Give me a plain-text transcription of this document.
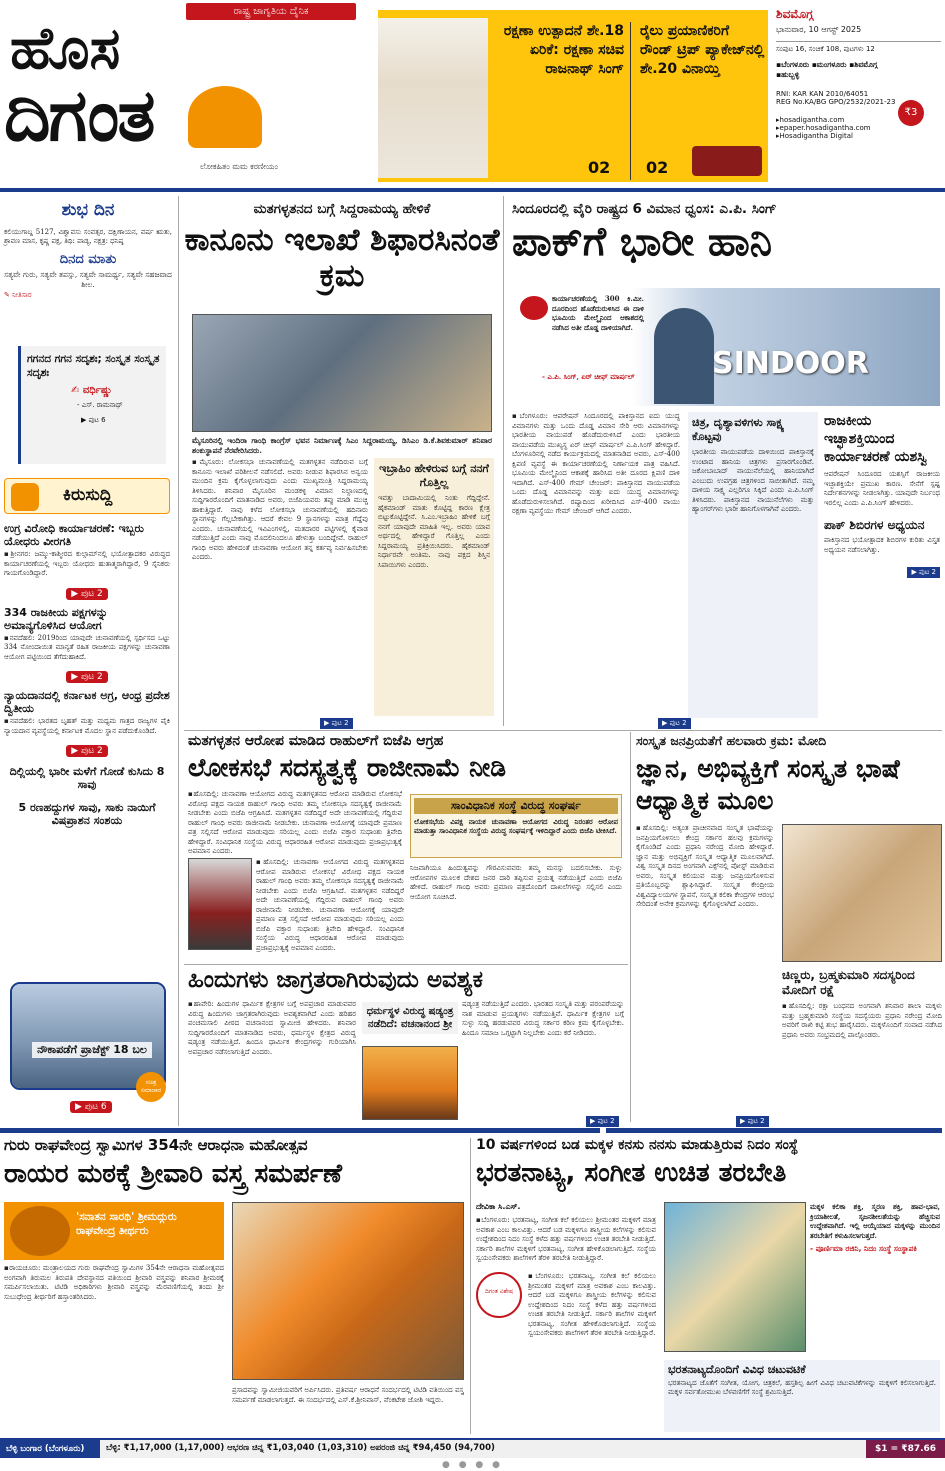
ರಾಷ್ಟ್ರ ಜಾಗೃತಿಯ ದೈನಿಕ
ಹೊಸ
ದಿಗಂತ
ಲೋಕಹಿತಂ ಮಮ ಕರಣೀಯಂ
ರಕ್ಷಣಾ ಉತ್ಪಾದನೆ ಶೇ.18 ಏರಿಕೆ: ರಕ್ಷಣಾ ಸಚಿವ ರಾಜನಾಥ್ ಸಿಂಗ್
02
ರೈಲು ಪ್ರಯಾಣಿಕರಿಗೆ ರೌಂಡ್ ಟ್ರಿಪ್ ಪ್ಯಾಕೇಜ್‌ನಲ್ಲಿ ಶೇ.20 ವಿನಾಯ್ತಿ
02
ಶಿವಮೊಗ್ಗ
ಭಾನುವಾರ, 10 ಆಗಸ್ಟ್ 2025
ಸಂಪುಟ 16, ಸಂಚಿಕೆ 108, ಪುಟಗಳು 12
▪ಬೆಂಗಳೂರು ▪ಮಂಗಳೂರು ▪ಶಿವಮೊಗ್ಗ ▪ಹುಬ್ಬಳ್ಳಿ
₹3
RNI: KAR KAN 2010/64051
REG No.KA/BG GPO/2532/2021-23
▸hosadigantha.com
▸epaper.hosadigantha.com
▸Hosadigantha Digital
ಶುಭ ದಿನ
ಕಲಿಯುಗಾಬ್ದ 5127, ವಿಶ್ವಾವಸು ಸಂವತ್ಸರ, ದಕ್ಷಿಣಾಯನ, ವರ್ಷ ಋತು, ಶ್ರಾವಣ ಮಾಸ, ಕೃಷ್ಣ ಪಕ್ಷ, ತಿಥಿ: ಪಾಡ್ಯ, ನಕ್ಷತ್ರ: ಧನಿಷ್ಠ
ದಿನದ ಮಾತು
ಸತ್ಯವೇ ಗುರು, ಸತ್ಯವೇ ತಪಸ್ಸು, ಸತ್ಯವೇ ಸಾಮರ್ಥ್ಯ, ಸತ್ಯವೇ ಸಹಜವಾದ ಶೀಲ.
✎ ನೀತಿಸಾರ
ಗಗನದ ಗಗನ ಸದೃಶಃ; ಸಂಸ್ಕೃತ ಸಂಸ್ಕೃತ ಸದೃಶಃ
✍ ವರ್ಧಿಷ್ಣು
- ಎಸ್. ರಾಮನಾಥ್
▶ ಪುಟ 6
ಕಿರುಸುದ್ದಿ
ಉಗ್ರ ವಿರೋಧಿ ಕಾರ್ಯಾಚರಣೆ: ಇಬ್ಬರು ಯೋಧರು ವೀರಗತಿ
▪ಶ್ರೀನಗರ: ಜಮ್ಮು-ಕಾಶ್ಮೀರದ ಕುಲ್ಗಾಮ್‌ನಲ್ಲಿ ಭಯೋತ್ಪಾದಕರ ವಿರುದ್ಧದ ಕಾರ್ಯಾಚರಣೆಯಲ್ಲಿ ಇಬ್ಬರು ಯೋಧರು ಹುತಾತ್ಮರಾಗಿದ್ದಾರೆ, 9 ಸೈನಿಕರು ಗಾಯಗೊಂಡಿದ್ದಾರೆ.
▶ ಪುಟ 2
334 ರಾಜಕೀಯ ಪಕ್ಷಗಳನ್ನು ಅಮಾನ್ಯಗೊಳಿಸಿದ ಆಯೋಗ
▪ನವದೆಹಲಿ: 2019ರಿಂದ ಯಾವುದೇ ಚುನಾವಣೆಯಲ್ಲಿ ಸ್ಪರ್ಧಿಸದ ಒಟ್ಟು 334 ನೋಂದಾಯಿತ ಮಾನ್ಯತೆ ರಹಿತ ರಾಜಕೀಯ ಪಕ್ಷಗಳನ್ನು ಚುನಾವಣಾ ಆಯೋಗ ಪಟ್ಟಿಯಿಂದ ತೆಗೆದುಹಾಕಿದೆ.
▶ ಪುಟ 2
ನ್ಯಾಯದಾನದಲ್ಲಿ ಕರ್ನಾಟಕ ಅಗ್ರ, ಆಂಧ್ರ ಪ್ರದೇಶ ದ್ವಿತೀಯ
▪ನವದೆಹಲಿ: ಭಾರತದ ಬೃಹತ್ ಮತ್ತು ಮಧ್ಯಮ ಗಾತ್ರದ ರಾಜ್ಯಗಳ ಪೈಕಿ ನ್ಯಾಯದಾನ ವ್ಯವಸ್ಥೆಯಲ್ಲಿ ಕರ್ನಾಟಕ ಮೊದಲ ಸ್ಥಾನ ಪಡೆದುಕೊಂಡಿದೆ.
▶ ಪುಟ 2
ದಿಲ್ಲಿಯಲ್ಲಿ ಭಾರೀ ಮಳೆಗೆ ಗೋಡೆ ಕುಸಿದು 8 ಸಾವು
5 ರಣಹದ್ದುಗಳ ಸಾವು, ಸಾಕು ನಾಯಿಗೆ ವಿಷಪ್ರಾಶನ ಸಂಶಯ
ನೌಕಾಪಡೆಗೆ ಪ್ರಾಜೆಕ್ಟ್ 18 ಬಲ
ಸಚಿತ್ರ ಸಮಾಚಾರ
▶ ಪುಟ 6
ಮತಗಳ್ಳತನದ ಬಗ್ಗೆ ಸಿದ್ದರಾಮಯ್ಯ ಹೇಳಿಕೆ
ಕಾನೂನು ಇಲಾಖೆ ಶಿಫಾರಸಿನಂತೆ ಕ್ರಮ
ಮೈಸೂರಿನಲ್ಲಿ ಇಂದಿರಾ ಗಾಂಧಿ ಕಾಂಗ್ರೆಸ್ ಭವನ ನಿರ್ಮಾಣಕ್ಕೆ ಸಿಎಂ ಸಿದ್ದರಾಮಯ್ಯ, ಡಿಸಿಎಂ ಡಿ.ಕೆ.ಶಿವಕುಮಾರ್ ಶನಿವಾರ ಶಂಕುಸ್ಥಾಪನೆ ನೆರವೇರಿಸಿದರು.
▪ಮೈಸೂರು: ಲೋಕಸಭಾ ಚುನಾವಣೆಯಲ್ಲಿ ಮತಗಳ್ಳತನ ನಡೆದಿರುವ ಬಗ್ಗೆ ಕಾನೂನು ಇಲಾಖೆ ಪರಿಶೀಲನೆ ನಡೆಸಲಿದೆ. ಅವರು ನೀಡುವ ಶಿಫಾರಸಿನ ಅನ್ವಯ ಮುಂದಿನ ಕ್ರಮ ಕೈಗೊಳ್ಳಲಾಗುವುದು ಎಂದು ಮುಖ್ಯಮಂತ್ರಿ ಸಿದ್ದರಾಮಯ್ಯ ತಿಳಿಸಿದರು. ಶನಿವಾರ ಮೈಸೂರಿನ ಮಂಡಕಳ್ಳಿ ವಿಮಾನ ನಿಲ್ದಾಣದಲ್ಲಿ ಸುದ್ದಿಗಾರರೊಂದಿಗೆ ಮಾತನಾಡಿದ ಅವರು, ಬಿಜೆಪಿಯವರು ತಪ್ಪು ಮಾಡಿ ಮುಚ್ಚಿ ಹಾಕುತ್ತಿದ್ದಾರೆ. ನಾವು ಕಳೆದ ಲೋಕಸಭಾ ಚುನಾವಣೆಯಲ್ಲಿ ಹದಿನಾರು ಸ್ಥಾನಗಳನ್ನು ಗೆಲ್ಲಬೇಕಾಗಿತ್ತು. ಆದರೆ ಕೇವಲ 9 ಸ್ಥಾನಗಳನ್ನು ಮಾತ್ರ ಗೆದ್ದೆವು ಎಂದರು. ಚುನಾವಣೆಯಲ್ಲಿ ಇವಿಎಂಗಳಲ್ಲಿ, ಮತದಾರರ ಪಟ್ಟಿಗಳಲ್ಲಿ ಕೈವಾಡ ನಡೆಯುತ್ತಿದೆ ಎಂದು ನಾವು ಮೊದಲಿನಿಂದಲೂ ಹೇಳುತ್ತಾ ಬಂದಿದ್ದೇವೆ. ರಾಹುಲ್ ಗಾಂಧಿ ಅವರು ಹೇಳಿದಂತೆ ಚುನಾವಣಾ ಆಯೋಗ ತನ್ನ ಕರ್ತವ್ಯ ನಿರ್ವಹಿಸಬೇಕು ಎಂದರು.
▶ ಪುಟ 2
ಇಬ್ರಾಹಿಂ ಹೇಳಿರುವ ಬಗ್ಗೆ ನನಗೆ ಗೊತ್ತಿಲ್ಲ
ಇವತ್ತು ಬಾದಾಮಿಯಲ್ಲಿ ನಿಂತು ಗೆದ್ದಿದ್ದೇನೆ. ಹೈಕಮಾಂಡ್ ಮಾತು ಕೊಟ್ಟಿದ್ದ ಕಾರಣ ಕ್ಷೇತ್ರ ಬಿಟ್ಟುಕೊಟ್ಟಿದ್ದೇನೆ. ಸಿ.ಎಂ.ಇಬ್ರಾಹಿಂ ಹೇಳಿಕೆ ಬಗ್ಗೆ ನನಗೆ ಯಾವುದೇ ಮಾಹಿತಿ ಇಲ್ಲ. ಅವರು ಯಾವ ಅರ್ಥದಲ್ಲಿ ಹೇಳಿದ್ದಾರೆ ಗೊತ್ತಿಲ್ಲ ಎಂದು ಸಿದ್ದರಾಮಯ್ಯ ಪ್ರತಿಕ್ರಿಯಿಸಿದರು. ಹೈಕಮಾಂಡ್ ನಿರ್ಧಾರವೇ ಅಂತಿಮ. ನಾವು ಪಕ್ಷದ ಶಿಸ್ತಿನ ಸಿಪಾಯಿಗಳು ಎಂದರು.
ಸಿಂದೂರದಲ್ಲಿ ವೈರಿ ರಾಷ್ಟ್ರದ 6 ವಿಮಾನ ಧ್ವಂಸ: ಎ.ಪಿ. ಸಿಂಗ್
ಪಾಕ್‌ಗೆ ಭಾರೀ ಹಾನಿ
ಕಾರ್ಯಾಚರಣೆಯಲ್ಲಿ 300 ಕಿ.ಮೀ. ದೂರದಿಂದ ಹೊಡೆದುರುಳಿಸಿದ ಈ ದಾಳಿ ಭೂಮಿಯ ಮೇಲ್ಮೈನಿಂದ ಆಕಾಶದಲ್ಲಿ ನಡೆಸಿದ ಅತೀ ದೊಡ್ಡ ದಾಳಿಯಾಗಿದೆ.
- ಎ.ಪಿ. ಸಿಂಗ್, ಏರ್ ಚೀಫ್ ಮಾರ್ಷಲ್	SINDOOR
▪ಬೆಂಗಳೂರು: ಆಪರೇಷನ್ ಸಿಂದೂರದಲ್ಲಿ ಪಾಕಿಸ್ತಾನದ ಐದು ಯುದ್ಧ ವಿಮಾನಗಳು ಮತ್ತು ಒಂದು ದೊಡ್ಡ ವಿಮಾನ ಸೇರಿ ಆರು ವಿಮಾನಗಳನ್ನು ಭಾರತೀಯ ವಾಯುಪಡೆ ಹೊಡೆದುರುಳಿಸಿದೆ ಎಂದು ಭಾರತೀಯ ವಾಯುಪಡೆಯ ಮುಖ್ಯಸ್ಥ ಏರ್ ಚೀಫ್ ಮಾರ್ಷಲ್ ಎ.ಪಿ.ಸಿಂಗ್ ಹೇಳಿದ್ದಾರೆ. ಬೆಂಗಳೂರಿನಲ್ಲಿ ನಡೆದ ಕಾರ್ಯಕ್ರಮದಲ್ಲಿ ಮಾತನಾಡಿದ ಅವರು, ಎಸ್-400 ಕ್ಷಿಪಣಿ ವ್ಯವಸ್ಥೆ ಈ ಕಾರ್ಯಾಚರಣೆಯಲ್ಲಿ ನಿರ್ಣಾಯಕ ಪಾತ್ರ ವಹಿಸಿದೆ. ಭೂಮಿಯ ಮೇಲ್ಮೈನಿಂದ ಆಕಾಶಕ್ಕೆ ಹಾರಿಸಿದ ಅತೀ ದೂರದ ಕ್ಷಿಪಣಿ ದಾಳಿ ಇದಾಗಿದೆ. ಎಸ್-400 ಗೇಮ್ ಚೇಂಜರ್: ಪಾಕಿಸ್ತಾನದ ವಾಯುಪಡೆಯ ಒಂದು ದೊಡ್ಡ ವಿಮಾನವನ್ನು ಮತ್ತು ಐದು ಯುದ್ಧ ವಿಮಾನಗಳನ್ನು ಹೊಡೆದುರುಳಿಸಲಾಗಿದೆ. ರಷ್ಯಾದಿಂದ ಖರೀದಿಸಿದ ಎಸ್-400 ವಾಯು ರಕ್ಷಣಾ ವ್ಯವಸ್ಥೆಯು ಗೇಮ್ ಚೇಂಜರ್ ಆಗಿದೆ ಎಂದರು.
▶ ಪುಟ 2
ಚಿತ್ರ, ದೃಶ್ಯಾವಳಿಗಳು ಸಾಕ್ಷ್ಯ ಕೊಟ್ಟವು
ಭಾರತೀಯ ವಾಯುಪಡೆಯ ದಾಳಿಯಿಂದ ಪಾಕಿಸ್ತಾನಕ್ಕೆ ಉಂಟಾದ ಹಾನಿಯ ಚಿತ್ರಗಳು ಪ್ರಸಾರಗೊಂಡಿವೆ. ಜಕೋಬಾಬಾದ್ ವಾಯುನೆಲೆಯಲ್ಲಿ ಹಾನಿಯಾಗಿದೆ ಎಂಬುದು ಉಪಗ್ರಹ ಚಿತ್ರಗಳಿಂದ ಸಾಬೀತಾಗಿದೆ. ನಮ್ಮ ದಾಳಿಯ ಸಾಕ್ಷ್ಯ ಎಲ್ಲರಿಗೂ ಸಿಕ್ಕಿದೆ ಎಂದು ಎ.ಪಿ.ಸಿಂಗ್ ತಿಳಿಸಿದರು. ಪಾಕಿಸ್ತಾನದ ವಾಯುನೆಲೆಗಳು ಮತ್ತು ಹ್ಯಾಂಗರ್‌ಗಳು ಭಾರೀ ಹಾನಿಗೊಳಗಾಗಿವೆ ಎಂದರು.
ರಾಜಕೀಯ ಇಚ್ಛಾಶಕ್ತಿಯಿಂದ ಕಾರ್ಯಾಚರಣೆ ಯಶಸ್ವಿ
ಆಪರೇಷನ್ ಸಿಂದೂರದ ಯಶಸ್ಸಿಗೆ ರಾಜಕೀಯ ಇಚ್ಛಾಶಕ್ತಿಯೇ ಪ್ರಮುಖ ಕಾರಣ. ಸೇನೆಗೆ ಸ್ಪಷ್ಟ ನಿರ್ದೇಶನಗಳನ್ನು ನೀಡಲಾಗಿತ್ತು. ಯಾವುದೇ ನಿರ್ಬಂಧ ಇರಲಿಲ್ಲ ಎಂದು ಎ.ಪಿ.ಸಿಂಗ್ ಹೇಳಿದರು.
ಪಾಕ್ ಶಿಬಿರಗಳ ಅಧ್ಯಯನ
ಪಾಕಿಸ್ತಾನದ ಭಯೋತ್ಪಾದಕ ಶಿಬಿರಗಳ ಕುರಿತು ವಿಸ್ತೃತ ಅಧ್ಯಯನ ನಡೆಸಲಾಗಿತ್ತು.
▶ ಪುಟ 2
ಮತಗಳ್ಳತನ ಆರೋಪ ಮಾಡಿದ ರಾಹುಲ್‌ಗೆ ಬಿಜೆಪಿ ಆಗ್ರಹ
ಲೋಕಸಭೆ ಸದಸ್ಯತ್ವಕ್ಕೆ ರಾಜೀನಾಮೆ ನೀಡಿ
▪ಹೊಸದಿಲ್ಲಿ: ಚುನಾವಣಾ ಆಯೋಗದ ವಿರುದ್ಧ ಮತಗಳ್ಳತನದ ಆರೋಪ ಮಾಡಿರುವ ಲೋಕಸಭೆ ವಿರೋಧ ಪಕ್ಷದ ನಾಯಕ ರಾಹುಲ್ ಗಾಂಧಿ ಅವರು ತಮ್ಮ ಲೋಕಸಭಾ ಸದಸ್ಯತ್ವಕ್ಕೆ ರಾಜೀನಾಮೆ ನೀಡಬೇಕು ಎಂದು ಬಿಜೆಪಿ ಆಗ್ರಹಿಸಿದೆ. ಮತಗಳ್ಳತನ ನಡೆದಿದ್ದರೆ ಅದೇ ಚುನಾವಣೆಯಲ್ಲಿ ಗೆದ್ದಿರುವ ರಾಹುಲ್ ಗಾಂಧಿ ಅವರು ರಾಜೀನಾಮೆ ನೀಡಬೇಕು. ಚುನಾವಣಾ ಆಯೋಗಕ್ಕೆ ಯಾವುದೇ ಪ್ರಮಾಣ ಪತ್ರ ಸಲ್ಲಿಸದೆ ಆರೋಪ ಮಾಡುವುದು ಸರಿಯಲ್ಲ ಎಂದು ಬಿಜೆಪಿ ವಕ್ತಾರ ಸುಧಾಂಶು ತ್ರಿವೇದಿ ಹೇಳಿದ್ದಾರೆ. ಸಂವಿಧಾನಿಕ ಸಂಸ್ಥೆಯ ವಿರುದ್ಧ ಆಧಾರರಹಿತ ಆರೋಪ ಮಾಡುವುದು ಪ್ರಜಾಪ್ರಭುತ್ವಕ್ಕೆ ಅಪಮಾನ ಎಂದರು.
▪ಹೊಸದಿಲ್ಲಿ: ಚುನಾವಣಾ ಆಯೋಗದ ವಿರುದ್ಧ ಮತಗಳ್ಳತನದ ಆರೋಪ ಮಾಡಿರುವ ಲೋಕಸಭೆ ವಿರೋಧ ಪಕ್ಷದ ನಾಯಕ ರಾಹುಲ್ ಗಾಂಧಿ ಅವರು ತಮ್ಮ ಲೋಕಸಭಾ ಸದಸ್ಯತ್ವಕ್ಕೆ ರಾಜೀನಾಮೆ ನೀಡಬೇಕು ಎಂದು ಬಿಜೆಪಿ ಆಗ್ರಹಿಸಿದೆ. ಮತಗಳ್ಳತನ ನಡೆದಿದ್ದರೆ ಅದೇ ಚುನಾವಣೆಯಲ್ಲಿ ಗೆದ್ದಿರುವ ರಾಹುಲ್ ಗಾಂಧಿ ಅವರು ರಾಜೀನಾಮೆ ನೀಡಬೇಕು. ಚುನಾವಣಾ ಆಯೋಗಕ್ಕೆ ಯಾವುದೇ ಪ್ರಮಾಣ ಪತ್ರ ಸಲ್ಲಿಸದೆ ಆರೋಪ ಮಾಡುವುದು ಸರಿಯಲ್ಲ ಎಂದು ಬಿಜೆಪಿ ವಕ್ತಾರ ಸುಧಾಂಶು ತ್ರಿವೇದಿ ಹೇಳಿದ್ದಾರೆ. ಸಂವಿಧಾನಿಕ ಸಂಸ್ಥೆಯ ವಿರುದ್ಧ ಆಧಾರರಹಿತ ಆರೋಪ ಮಾಡುವುದು ಪ್ರಜಾಪ್ರಭುತ್ವಕ್ಕೆ ಅಪಮಾನ ಎಂದರು.
ಸಾಂವಿಧಾನಿಕ ಸಂಸ್ಥೆ ವಿರುದ್ಧ ಸಂಘರ್ಷ
ಲೋಕಸಭೆಯ ವಿಪಕ್ಷ ನಾಯಕ ಚುನಾವಣಾ ಆಯೋಗದ ವಿರುದ್ಧ ನಿರಂತರ ಆರೋಪ ಮಾಡುತ್ತಾ ಸಾಂವಿಧಾನಿಕ ಸಂಸ್ಥೆಯ ವಿರುದ್ಧ ಸಂಘರ್ಷಕ್ಕೆ ಇಳಿದಿದ್ದಾರೆ ಎಂದು ಬಿಜೆಪಿ ಟೀಕಿಸಿದೆ.
ನಿಜವಾಗಿಯೂ ಹಿಂದುತ್ವವನ್ನು ಗೌರವಿಸುವವರು ತಮ್ಮ ಮನಸ್ಸು ಬದಲಿಸಬೇಕು. ಸುಳ್ಳು ಆರೋಪಗಳ ಮೂಲಕ ದೇಶದ ಜನರ ದಾರಿ ತಪ್ಪಿಸುವ ಪ್ರಯತ್ನ ನಡೆಯುತ್ತಿದೆ ಎಂದು ಬಿಜೆಪಿ ಹೇಳಿದೆ. ರಾಹುಲ್ ಗಾಂಧಿ ಅವರು ಪ್ರಮಾಣ ಪತ್ರದೊಂದಿಗೆ ದಾಖಲೆಗಳನ್ನು ಸಲ್ಲಿಸಲಿ ಎಂದು ಆಯೋಗ ಸೂಚಿಸಿದೆ.
ಸಂಸ್ಕೃತ ಜನಪ್ರಿಯತೆಗೆ ಹಲವಾರು ಕ್ರಮ: ಮೋದಿ
ಜ್ಞಾನ, ಅಭಿವ್ಯಕ್ತಿಗೆ ಸಂಸ್ಕೃತ ಭಾಷೆ ಆಧ್ಯಾತ್ಮಿಕ ಮೂಲ
▪ಹೊಸದಿಲ್ಲಿ: ಅತ್ಯಂತ ಪ್ರಾಚೀನವಾದ ಸಂಸ್ಕೃತ ಭಾಷೆಯನ್ನು ಜನಪ್ರಿಯಗೊಳಿಸಲು ಕೇಂದ್ರ ಸರ್ಕಾರ ಹಲವು ಕ್ರಮಗಳನ್ನು ಕೈಗೊಂಡಿದೆ ಎಂದು ಪ್ರಧಾನಿ ನರೇಂದ್ರ ಮೋದಿ ಹೇಳಿದ್ದಾರೆ. ಜ್ಞಾನ ಮತ್ತು ಅಭಿವ್ಯಕ್ತಿಗೆ ಸಂಸ್ಕೃತ ಆಧ್ಯಾತ್ಮಿಕ ಮೂಲವಾಗಿದೆ. ವಿಶ್ವ ಸಂಸ್ಕೃತ ದಿನದ ಅಂಗವಾಗಿ ಎಕ್ಸ್‌ನಲ್ಲಿ ಪೋಸ್ಟ್ ಮಾಡಿರುವ ಅವರು, ಸಂಸ್ಕೃತ ಕಲಿಯುವ ಮತ್ತು ಜನಪ್ರಿಯಗೊಳಿಸುವ ಪ್ರತಿಯೊಬ್ಬರನ್ನು ಶ್ಲಾಘಿಸಿದ್ದಾರೆ. ಸಂಸ್ಕೃತ ಕೇಂದ್ರೀಯ ವಿಶ್ವವಿದ್ಯಾಲಯಗಳ ಸ್ಥಾಪನೆ, ಸಂಸ್ಕೃತ ಕಲಿಕಾ ಕೇಂದ್ರಗಳ ಆರಂಭ ಸೇರಿದಂತೆ ಅನೇಕ ಕ್ರಮಗಳನ್ನು ಕೈಗೊಳ್ಳಲಾಗಿದೆ ಎಂದರು.
ಚಿಣ್ಣರು, ಬ್ರಹ್ಮಕುಮಾರಿ ಸದಸ್ಯರಿಂದ ಮೋದಿಗೆ ರಕ್ಷೆ
▪ಹೊಸದಿಲ್ಲಿ: ರಕ್ಷಾ ಬಂಧನದ ಅಂಗವಾಗಿ ಶನಿವಾರ ಶಾಲಾ ಮಕ್ಕಳು ಮತ್ತು ಬ್ರಹ್ಮಕುಮಾರಿ ಸಂಸ್ಥೆಯ ಸದಸ್ಯೆಯರು ಪ್ರಧಾನಿ ನರೇಂದ್ರ ಮೋದಿ ಅವರಿಗೆ ರಾಖಿ ಕಟ್ಟಿ ಶುಭ ಹಾರೈಸಿದರು. ಮಕ್ಕಳೊಂದಿಗೆ ಸಂವಾದ ನಡೆಸಿದ ಪ್ರಧಾನಿ ಅವರು ಸಂಭ್ರಮದಲ್ಲಿ ಪಾಲ್ಗೊಂಡರು.
▶ ಪುಟ 2
ಹಿಂದುಗಳು ಜಾಗ್ರತರಾಗಿರುವುದು ಅವಶ್ಯಕ
▪ಹಾವೇರಿ: ಹಿಂದುಗಳ ಧಾರ್ಮಿಕ ಕ್ಷೇತ್ರಗಳ ಬಗ್ಗೆ ಅಪಪ್ರಚಾರ ಮಾಡುವವರ ವಿರುದ್ಧ ಹಿಂದುಗಳು ಜಾಗ್ರತರಾಗಿರುವುದು ಅವಶ್ಯಕವಾಗಿದೆ ಎಂದು ಹರಿಹರ ಪಂಚಮಸಾಲಿ ಪೀಠದ ವಚನಾನಂದ ಸ್ವಾಮೀಜಿ ಹೇಳಿದರು. ಶನಿವಾರ ಸುದ್ದಿಗಾರರೊಂದಿಗೆ ಮಾತನಾಡಿದ ಅವರು, ಧರ್ಮಸ್ಥಳ ಕ್ಷೇತ್ರದ ವಿರುದ್ಧ ಷಡ್ಯಂತ್ರ ನಡೆಯುತ್ತಿದೆ. ಹಿಂದೂ ಧಾರ್ಮಿಕ ಕೇಂದ್ರಗಳನ್ನು ಗುರಿಯಾಗಿಸಿ ಅಪಪ್ರಚಾರ ನಡೆಸಲಾಗುತ್ತಿದೆ ಎಂದರು.
ಧರ್ಮಸ್ಥಳ ವಿರುದ್ಧ ಷಡ್ಯಂತ್ರ ನಡೆದಿದೆ: ವಚನಾನಂದ ಶ್ರೀ
ಷಡ್ಯಂತ್ರ ನಡೆಯುತ್ತಿದೆ ಎಂದರು. ಭಾರತದ ಸಂಸ್ಕೃತಿ ಮತ್ತು ಪರಂಪರೆಯನ್ನು ನಾಶ ಮಾಡುವ ಪ್ರಯತ್ನಗಳು ನಡೆಯುತ್ತಿವೆ. ಧಾರ್ಮಿಕ ಕ್ಷೇತ್ರಗಳ ಬಗ್ಗೆ ಸುಳ್ಳು ಸುದ್ದಿ ಹರಡುವವರ ವಿರುದ್ಧ ಸರ್ಕಾರ ಕಠಿಣ ಕ್ರಮ ಕೈಗೊಳ್ಳಬೇಕು. ಹಿಂದೂ ಸಮಾಜ ಒಗ್ಗಟ್ಟಾಗಿ ನಿಲ್ಲಬೇಕು ಎಂದು ಕರೆ ನೀಡಿದರು.
▶ ಪುಟ 2
ಗುರು ರಾಘವೇಂದ್ರ ಸ್ವಾಮಿಗಳ 354ನೇ ಆರಾಧನಾ ಮಹೋತ್ಸವ
ರಾಯರ ಮಠಕ್ಕೆ ಶ್ರೀವಾರಿ ವಸ್ತ್ರ ಸಮರ್ಪಣೆ
'ಸನಾತನ ಸಾರಥಿ' ಶ್ರೀಮದ್ಗುರು ರಾಘವೇಂದ್ರ ತೀರ್ಥರು
▪ರಾಯಚೂರು: ಮಂತ್ರಾಲಯದ ಗುರು ರಾಘವೇಂದ್ರ ಸ್ವಾಮಿಗಳ 354ನೇ ಆರಾಧನಾ ಮಹೋತ್ಸವದ ಅಂಗವಾಗಿ ತಿರುಮಲ ತಿರುಪತಿ ದೇವಸ್ಥಾನದ ವತಿಯಿಂದ ಶ್ರೀವಾರಿ ವಸ್ತ್ರವನ್ನು ಶನಿವಾರ ಶ್ರೀಮಠಕ್ಕೆ ಸಮರ್ಪಿಸಲಾಯಿತು. ಟಿಟಿಡಿ ಅಧಿಕಾರಿಗಳು ಶ್ರೀವಾರಿ ವಸ್ತ್ರವನ್ನು ಮೆರವಣಿಗೆಯಲ್ಲಿ ತಂದು ಶ್ರೀ ಸುಬುಧೇಂದ್ರ ತೀರ್ಥರಿಗೆ ಹಸ್ತಾಂತರಿಸಿದರು.
ಪ್ರಸಾದವನ್ನು ಸ್ವಾಮೀಜಿಯವರಿಗೆ ಅರ್ಪಿಸಿದರು. ಪ್ರತಿವರ್ಷ ಆರಾಧನೆ ಸಂದರ್ಭದಲ್ಲಿ ಟಿಟಿಡಿ ವತಿಯಿಂದ ವಸ್ತ್ರ ಸಮರ್ಪಣೆ ಮಾಡಲಾಗುತ್ತದೆ. ಈ ಸಂದರ್ಭದಲ್ಲಿ ಎಸ್.ಕೆ.ಶ್ರೀನಿವಾಸ್, ವೆಂಕಟೇಶ ಜೋಶಿ ಇದ್ದರು.
10 ವರ್ಷಗಳಿಂದ ಬಡ ಮಕ್ಕಳ ಕನಸು ನನಸು ಮಾಡುತ್ತಿರುವ ನಿದಂ ಸಂಸ್ಥೆ
ಭರತನಾಟ್ಯ, ಸಂಗೀತ ಉಚಿತ ತರಬೇತಿ
ದೇವಿಕಾ ಸಿ.ಎಸ್.
▪ಬೆಂಗಳೂರು: ಭರತನಾಟ್ಯ, ಸಂಗೀತ ಕಲೆ ಕಲಿಯಲು ಶ್ರೀಮಂತರ ಮಕ್ಕಳಿಗೆ ಮಾತ್ರ ಅವಕಾಶ ಎಂಬ ಕಾಲವಿತ್ತು. ಆದರೆ ಬಡ ಮಕ್ಕಳಿಗೂ ಶಾಸ್ತ್ರೀಯ ಕಲೆಗಳನ್ನು ಕಲಿಸುವ ಉದ್ದೇಶದಿಂದ ನಿದಂ ಸಂಸ್ಥೆ ಕಳೆದ ಹತ್ತು ವರ್ಷಗಳಿಂದ ಉಚಿತ ತರಬೇತಿ ನೀಡುತ್ತಿದೆ. ಸರ್ಕಾರಿ ಶಾಲೆಗಳ ಮಕ್ಕಳಿಗೆ ಭರತನಾಟ್ಯ, ಸಂಗೀತ ಹೇಳಿಕೊಡಲಾಗುತ್ತಿದೆ. ಸಂಸ್ಥೆಯ ಸ್ವಯಂಸೇವಕರು ಶಾಲೆಗಳಿಗೆ ತೆರಳಿ ತರಬೇತಿ ನೀಡುತ್ತಿದ್ದಾರೆ.
ದಿಗಂತ ವಿಶೇಷ
▪ಬೆಂಗಳೂರು: ಭರತನಾಟ್ಯ, ಸಂಗೀತ ಕಲೆ ಕಲಿಯಲು ಶ್ರೀಮಂತರ ಮಕ್ಕಳಿಗೆ ಮಾತ್ರ ಅವಕಾಶ ಎಂಬ ಕಾಲವಿತ್ತು. ಆದರೆ ಬಡ ಮಕ್ಕಳಿಗೂ ಶಾಸ್ತ್ರೀಯ ಕಲೆಗಳನ್ನು ಕಲಿಸುವ ಉದ್ದೇಶದಿಂದ ನಿದಂ ಸಂಸ್ಥೆ ಕಳೆದ ಹತ್ತು ವರ್ಷಗಳಿಂದ ಉಚಿತ ತರಬೇತಿ ನೀಡುತ್ತಿದೆ. ಸರ್ಕಾರಿ ಶಾಲೆಗಳ ಮಕ್ಕಳಿಗೆ ಭರತನಾಟ್ಯ, ಸಂಗೀತ ಹೇಳಿಕೊಡಲಾಗುತ್ತಿದೆ. ಸಂಸ್ಥೆಯ ಸ್ವಯಂಸೇವಕರು ಶಾಲೆಗಳಿಗೆ ತೆರಳಿ ತರಬೇತಿ ನೀಡುತ್ತಿದ್ದಾರೆ.
ಮಕ್ಕಳ ಕಲಿಕಾ ಶಕ್ತಿ, ಸ್ಮರಣ ಶಕ್ತಿ, ಹಾವ-ಭಾವ, ಕ್ರಿಯಾಶೀಲತೆ, ಸೃಜನಶೀಲತೆಯನ್ನು ಹೆಚ್ಚಿಸುವ ಉದ್ದೇಶವಾಗಿದೆ. ಇಲ್ಲಿ ಆಯ್ಕೆಯಾದ ಮಕ್ಕಳನ್ನು ಮುಂದಿನ ತರಬೇತಿಗೆ ಕಳುಹಿಸಲಾಗುತ್ತದೆ.
- ಪೂರ್ಣಿಮಾ ರಜಿನಿ, ನಿದಂ ಸಂಸ್ಥೆ ಸಂಸ್ಥಾಪಕಿ
ಭರತನಾಟ್ಯದೊಂದಿಗೆ ವಿವಿಧ ಚಟುವಟಿಕೆ
ಭರತನಾಟ್ಯದ ಜೊತೆಗೆ ಸಂಗೀತ, ಯೋಗ, ಚಿತ್ರಕಲೆ, ಹಸ್ತಶಿಲ್ಪ ಹೀಗೆ ವಿವಿಧ ಚಟುವಟಿಕೆಗಳನ್ನು ಮಕ್ಕಳಿಗೆ ಕಲಿಸಲಾಗುತ್ತಿದೆ. ಮಕ್ಕಳ ಸರ್ವತೋಮುಖ ಬೆಳವಣಿಗೆಗೆ ಸಂಸ್ಥೆ ಶ್ರಮಿಸುತ್ತಿದೆ.
ಬೆಳ್ಳಿ ಬಂಗಾರ (ಬೆಂಗಳೂರು)	ಬೆಳ್ಳಿ: ₹1,17,000 (1,17,000) ಆಭರಣ ಚಿನ್ನ ₹1,03,040 (1,03,310) ಅಪರಂಜಿ ಚಿನ್ನ ₹94,450 (94,700)	$1 = ₹87.66
● ● ● ●
